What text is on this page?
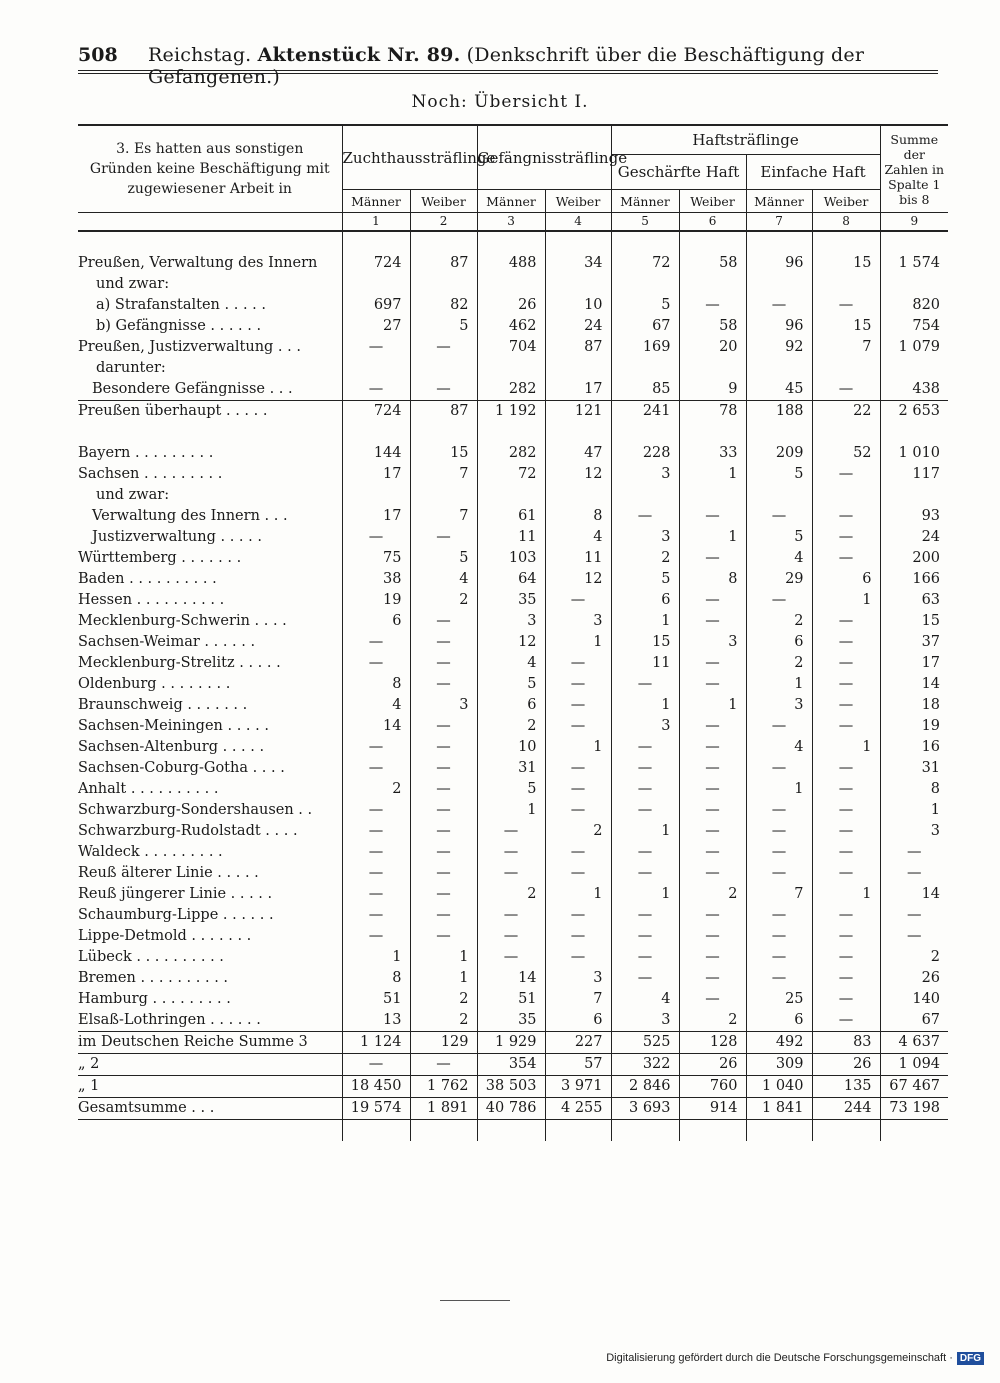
508 Reichstag. Aktenstück Nr. 89. (Denkschrift über die Beschäftigung der Gefangenen.)
Noch: Übersicht I.
3. Es hatten aus sonstigen Gründen keine Beschäftigung mit zugewiesener Arbeit in	Zuchthaussträflinge		Gefängnissträflinge		Haftsträflinge				Summe der Zahlen in Spalte 1 bis 8
					Geschärfte Haft		Einfache Haft		
	Männer	Weiber	Männer	Weiber	Männer	Weiber	Männer	Weiber	
	1	2	3	4	5	6	7	8	9

Preußen, Verwaltung des Innern	724	87	488	34	72	58	96	15	1 574
und zwar:									
a) Strafanstalten . . . . .	697	82	26	10	5	—	—	—	820
b) Gefängnisse . . . . . .	27	5	462	24	67	58	96	15	754
Preußen, Justizverwaltung . . .	—	—	704	87	169	20	92	7	1 079
darunter:									
Besondere Gefängnisse . . .	—	—	282	17	85	9	45	—	438
Preußen überhaupt . . . . .	724	87	1 192	121	241	78	188	22	2 653

Bayern . . . . . . . . .	144	15	282	47	228	33	209	52	1 010
Sachsen . . . . . . . . .	17	7	72	12	3	1	5	—	117
und zwar:									
Verwaltung des Innern . . .	17	7	61	8	—	—	—	—	93
Justizverwaltung . . . . .	—	—	11	4	3	1	5	—	24
Württemberg . . . . . . .	75	5	103	11	2	—	4	—	200
Baden . . . . . . . . . .	38	4	64	12	5	8	29	6	166
Hessen . . . . . . . . . .	19	2	35	—	6	—	—	1	63
Mecklenburg-Schwerin . . . .	6	—	3	3	1	—	2	—	15
Sachsen-Weimar . . . . . .	—	—	12	1	15	3	6	—	37
Mecklenburg-Strelitz . . . . .	—	—	4	—	11	—	2	—	17
Oldenburg . . . . . . . .	8	—	5	—	—	—	1	—	14
Braunschweig . . . . . . .	4	3	6	—	1	1	3	—	18
Sachsen-Meiningen . . . . .	14	—	2	—	3	—	—	—	19
Sachsen-Altenburg . . . . .	—	—	10	1	—	—	4	1	16
Sachsen-Coburg-Gotha . . . .	—	—	31	—	—	—	—	—	31
Anhalt . . . . . . . . . .	2	—	5	—	—	—	1	—	8
Schwarzburg-Sondershausen . .	—	—	1	—	—	—	—	—	1
Schwarzburg-Rudolstadt . . . .	—	—	—	2	1	—	—	—	3
Waldeck . . . . . . . . .	—	—	—	—	—	—	—	—	—
Reuß älterer Linie . . . . .	—	—	—	—	—	—	—	—	—
Reuß jüngerer Linie . . . . .	—	—	2	1	1	2	7	1	14
Schaumburg-Lippe . . . . . .	—	—	—	—	—	—	—	—	—
Lippe-Detmold . . . . . . .	—	—	—	—	—	—	—	—	—
Lübeck . . . . . . . . . .	1	1	—	—	—	—	—	—	2
Bremen . . . . . . . . . .	8	1	14	3	—	—	—	—	26
Hamburg . . . . . . . . .	51	2	51	7	4	—	25	—	140
Elsaß-Lothringen . . . . . .	13	2	35	6	3	2	6	—	67
im Deutschen Reiche Summe 3	1 124	129	1 929	227	525	128	492	83	4 637
„ 2	—	—	354	57	322	26	309	26	1 094
„ 1	18 450	1 762	38 503	3 971	2 846	760	1 040	135	67 467
Gesamtsumme . . .	19 574	1 891	40 786	4 255	3 693	914	1 841	244	73 198

Digitalisierung gefördert durch die Deutsche Forschungsgemeinschaft · DFG
